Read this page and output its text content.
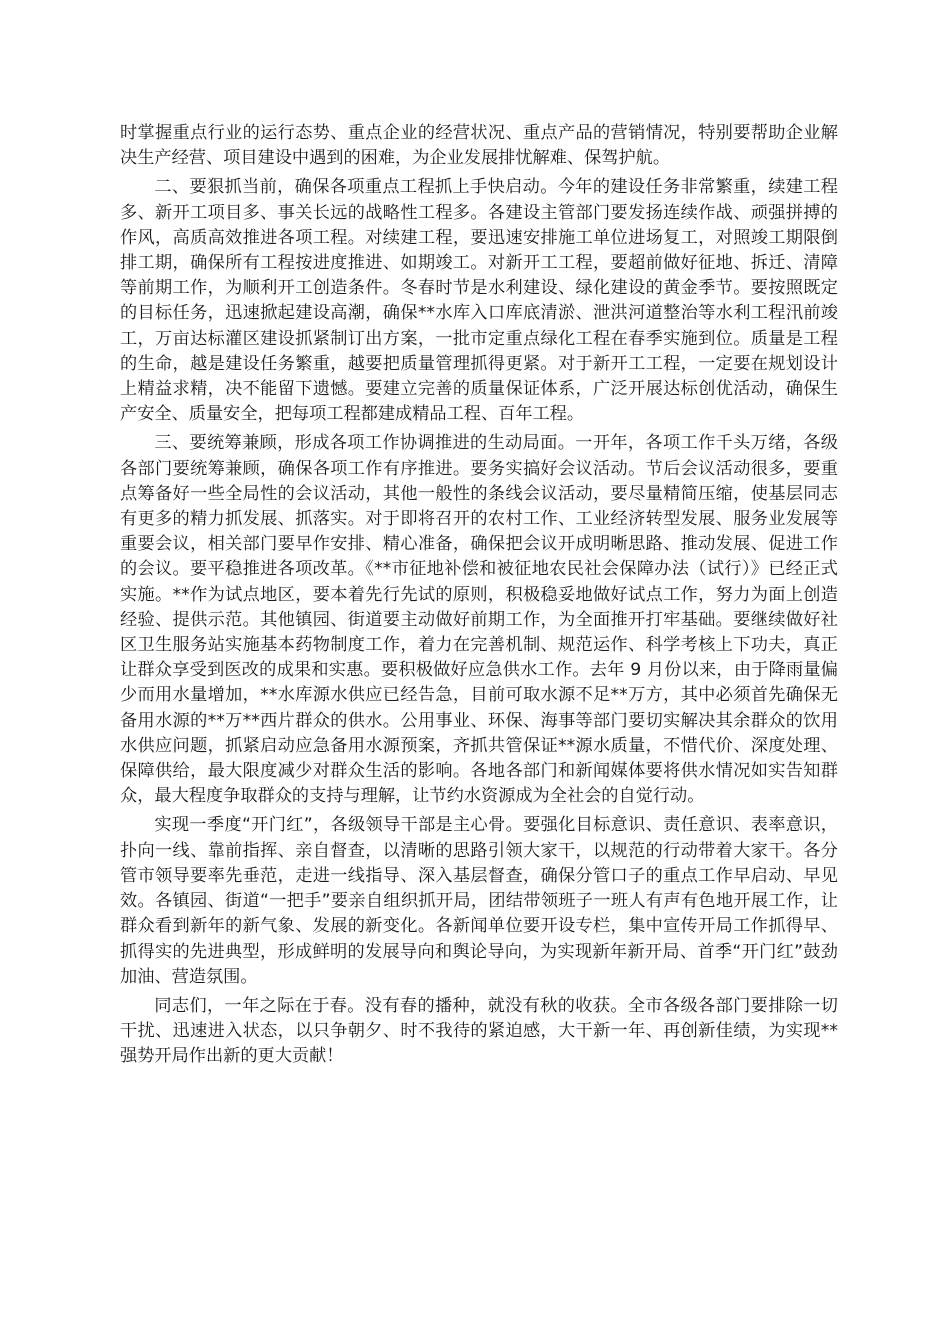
时掌握重点行业的运行态势、重点企业的经营状况、重点产品的营销情况，特别要帮助企业解决生产经营、项目建设中遇到的困难，为企业发展排忧解难、保驾护航。

二、要狠抓当前，确保各项重点工程抓上手快启动。今年的建设任务非常繁重，续建工程多、新开工项目多、事关长远的战略性工程多。各建设主管部门要发扬连续作战、顽强拼搏的作风，高质高效推进各项工程。对续建工程，要迅速安排施工单位进场复工，对照竣工期限倒排工期，确保所有工程按进度推进、如期竣工。对新开工工程，要超前做好征地、拆迁、清障等前期工作，为顺利开工创造条件。冬春时节是水利建设、绿化建设的黄金季节。要按照既定的目标任务，迅速掀起建设高潮，确保**水库入口库底清淤、泄洪河道整治等水利工程汛前竣工，万亩达标灌区建设抓紧制订出方案，一批市定重点绿化工程在春季实施到位。质量是工程的生命，越是建设任务繁重，越要把质量管理抓得更紧。对于新开工工程，一定要在规划设计上精益求精，决不能留下遗憾。要建立完善的质量保证体系，广泛开展达标创优活动，确保生产安全、质量安全，把每项工程都建成精品工程、百年工程。

三、要统筹兼顾，形成各项工作协调推进的生动局面。一开年，各项工作千头万绪，各级各部门要统筹兼顾，确保各项工作有序推进。要务实搞好会议活动。节后会议活动很多，要重点筹备好一些全局性的会议活动，其他一般性的条线会议活动，要尽量精简压缩，使基层同志有更多的精力抓发展、抓落实。对于即将召开的农村工作、工业经济转型发展、服务业发展等重要会议，相关部门要早作安排、精心准备，确保把会议开成明晰思路、推动发展、促进工作的会议。要平稳推进各项改革。《**市征地补偿和被征地农民社会保障办法（试行）》已经正式实施。**作为试点地区，要本着先行先试的原则，积极稳妥地做好试点工作，努力为面上创造经验、提供示范。其他镇园、街道要主动做好前期工作，为全面推开打牢基础。要继续做好社区卫生服务站实施基本药物制度工作，着力在完善机制、规范运作、科学考核上下功夫，真正让群众享受到医改的成果和实惠。要积极做好应急供水工作。去年 9 月份以来，由于降雨量偏少而用水量增加，**水库源水供应已经告急，目前可取水源不足**万方，其中必须首先确保无备用水源的**万**西片群众的供水。公用事业、环保、海事等部门要切实解决其余群众的饮用水供应问题，抓紧启动应急备用水源预案，齐抓共管保证**源水质量，不惜代价、深度处理、保障供给，最大限度减少对群众生活的影响。各地各部门和新闻媒体要将供水情况如实告知群众，最大程度争取群众的支持与理解，让节约水资源成为全社会的自觉行动。

实现一季度“开门红”，各级领导干部是主心骨。要强化目标意识、责任意识、表率意识，扑向一线、靠前指挥、亲自督查，以清晰的思路引领大家干，以规范的行动带着大家干。各分管市领导要率先垂范，走进一线指导、深入基层督查，确保分管口子的重点工作早启动、早见效。各镇园、街道“一把手”要亲自组织抓开局，团结带领班子一班人有声有色地开展工作，让群众看到新年的新气象、发展的新变化。各新闻单位要开设专栏，集中宣传开局工作抓得早、抓得实的先进典型，形成鲜明的发展导向和舆论导向，为实现新年新开局、首季“开门红”鼓劲加油、营造氛围。

同志们，一年之际在于春。没有春的播种，就没有秋的收获。全市各级各部门要排除一切干扰、迅速进入状态，以只争朝夕、时不我待的紧迫感，大干新一年、再创新佳绩，为实现**强势开局作出新的更大贡献！
